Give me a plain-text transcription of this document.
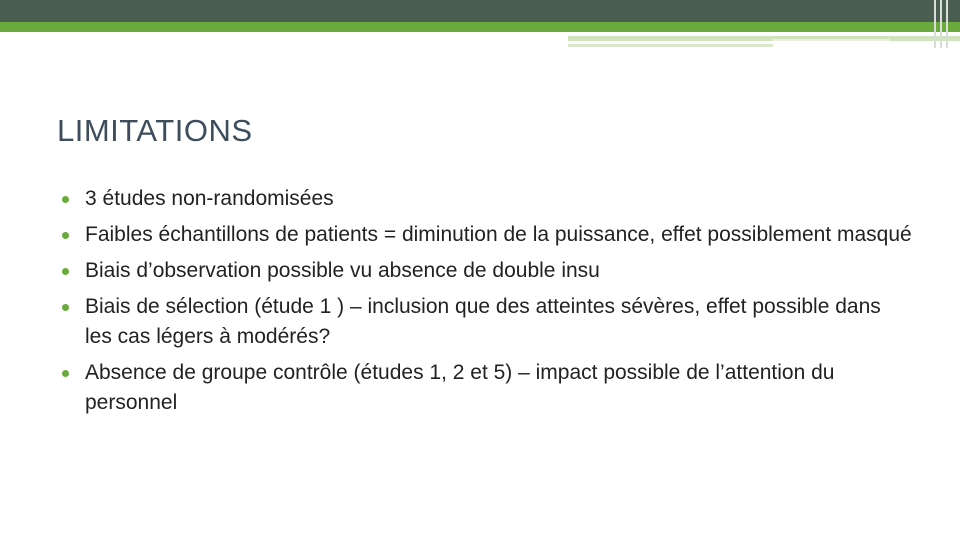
LIMITATIONS
3 études non-randomisées
Faibles échantillons de patients = diminution de la puissance, effet possiblement masqué
Biais d’observation possible vu absence de double insu
Biais de sélection (étude 1 ) – inclusion que des atteintes sévères, effet possible dans les cas légers à modérés?
Absence de groupe contrôle (études 1, 2 et 5) – impact possible de l’attention du personnel
